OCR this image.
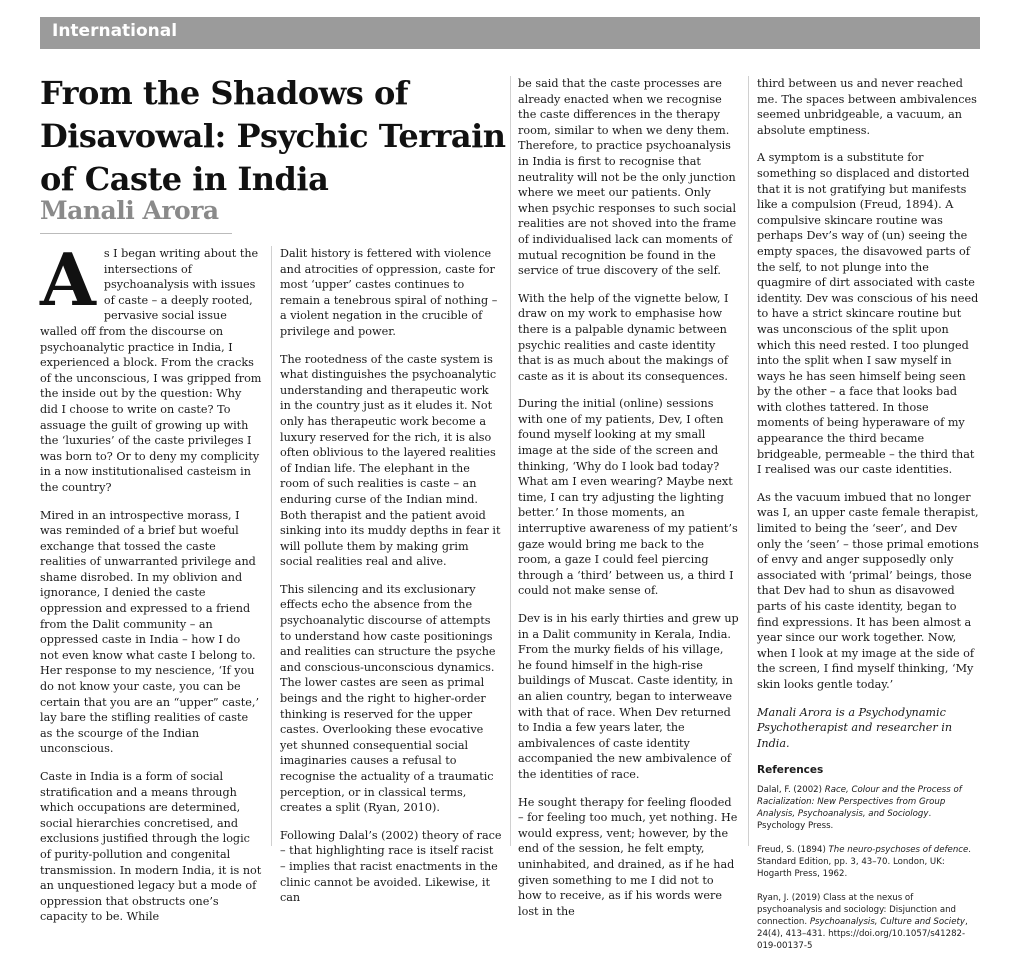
International
From the Shadows of Disavowal: Psychic Terrain of Caste in India
Manali Arora

As I began writing about the intersections of psychoanalysis with issues of caste – a deeply rooted, pervasive social issue walled off from the discourse on psychoanalytic practice in India, I experienced a block. From the cracks of the unconscious, I was gripped from the inside out by the question: Why did I choose to write on caste? To assuage the guilt of growing up with the ‘luxuries’ of the caste privileges I was born to? Or to deny my complicity in a now institutionalised casteism in the country?

Mired in an introspective morass, I was reminded of a brief but woeful exchange that tossed the caste realities of unwarranted privilege and shame disrobed. In my oblivion and ignorance, I denied the caste oppression and expressed to a friend from the Dalit community – an oppressed caste in India – how I do not even know what caste I belong to. Her response to my nescience, ‘If you do not know your caste, you can be certain that you are an “upper” caste,’ lay bare the stifling realities of caste as the scourge of the Indian unconscious.

Caste in India is a form of social stratification and a means through which occupations are determined, social hierarchies concretised, and exclusions justified through the logic of purity-pollution and congenital transmission. In modern India, it is not an unquestioned legacy but a mode of oppression that obstructs one’s capacity to be. While

Dalit history is fettered with violence and atrocities of oppression, caste for most ‘upper’ castes continues to remain a tenebrous spiral of nothing – a violent negation in the crucible of privilege and power.

The rootedness of the caste system is what distinguishes the psychoanalytic understanding and therapeutic work in the country just as it eludes it. Not only has therapeutic work become a luxury reserved for the rich, it is also often oblivious to the layered realities of Indian life. The elephant in the room of such realities is caste – an enduring curse of the Indian mind. Both therapist and the patient avoid sinking into its muddy depths in fear it will pollute them by making grim social realities real and alive.

This silencing and its exclusionary effects echo the absence from the psychoanalytic discourse of attempts to understand how caste positionings and realities can structure the psyche and conscious-unconscious dynamics. The lower castes are seen as primal beings and the right to higher-order thinking is reserved for the upper castes. Overlooking these evocative yet shunned consequential social imaginaries causes a refusal to recognise the actuality of a traumatic perception, or in classical terms, creates a split (Ryan, 2010).

Following Dalal’s (2002) theory of race – that highlighting race is itself racist – implies that racist enactments in the clinic cannot be avoided. Likewise, it can

be said that the caste processes are already enacted when we recognise the caste differences in the therapy room, similar to when we deny them. Therefore, to practice psychoanalysis in India is first to recognise that neutrality will not be the only junction where we meet our patients. Only when psychic responses to such social realities are not shoved into the frame of individualised lack can moments of mutual recognition be found in the service of true discovery of the self.

With the help of the vignette below, I draw on my work to emphasise how there is a palpable dynamic between psychic realities and caste identity that is as much about the makings of caste as it is about its consequences.

During the initial (online) sessions with one of my patients, Dev, I often found myself looking at my small image at the side of the screen and thinking, ‘Why do I look bad today? What am I even wearing? Maybe next time, I can try adjusting the lighting better.’ In those moments, an interruptive awareness of my patient’s gaze would bring me back to the room, a gaze I could feel piercing through a ‘third’ between us, a third I could not make sense of.

Dev is in his early thirties and grew up in a Dalit community in Kerala, India. From the murky fields of his village, he found himself in the high-rise buildings of Muscat. Caste identity, in an alien country, began to interweave with that of race. When Dev returned to India a few years later, the ambivalences of caste identity accompanied the new ambivalence of the identities of race.

He sought therapy for feeling flooded – for feeling too much, yet nothing. He would express, vent; however, by the end of the session, he felt empty, uninhabited, and drained, as if he had given something to me I did not to how to receive, as if his words were lost in the

third between us and never reached me. The spaces between ambivalences seemed unbridgeable, a vacuum, an absolute emptiness.

A symptom is a substitute for something so displaced and distorted that it is not gratifying but manifests like a compulsion (Freud, 1894). A compulsive skincare routine was perhaps Dev’s way of (un) seeing the empty spaces, the disavowed parts of the self, to not plunge into the quagmire of dirt associated with caste identity. Dev was conscious of his need to have a strict skincare routine but was unconscious of the split upon which this need rested. I too plunged into the split when I saw myself in ways he has seen himself being seen by the other – a face that looks bad with clothes tattered. In those moments of being hyperaware of my appearance the third became bridgeable, permeable – the third that I realised was our caste identities.

As the vacuum imbued that no longer was I, an upper caste female therapist, limited to being the ‘seer’, and Dev only the ‘seen’ – those primal emotions of envy and anger supposedly only associated with ‘primal’ beings, those that Dev had to shun as disavowed parts of his caste identity, began to find expressions. It has been almost a year since our work together. Now, when I look at my image at the side of the screen, I find myself thinking, ‘My skin looks gentle today.’

Manali Arora is a Psychodynamic Psychotherapist and researcher in India.

References

Dalal, F. (2002) Race, Colour and the Process of Racialization: New Perspectives from Group Analysis, Psychoanalysis, and Sociology. Psychology Press.

Freud, S. (1894) The neuro-psychoses of defence. Standard Edition, pp. 3, 43–70. London, UK: Hogarth Press, 1962.

Ryan, J. (2019) Class at the nexus of psychoanalysis and sociology: Disjunction and connection. Psychoanalysis, Culture and Society, 24(4), 413–431. https://doi.org/10.1057/s41282-019-00137-5
